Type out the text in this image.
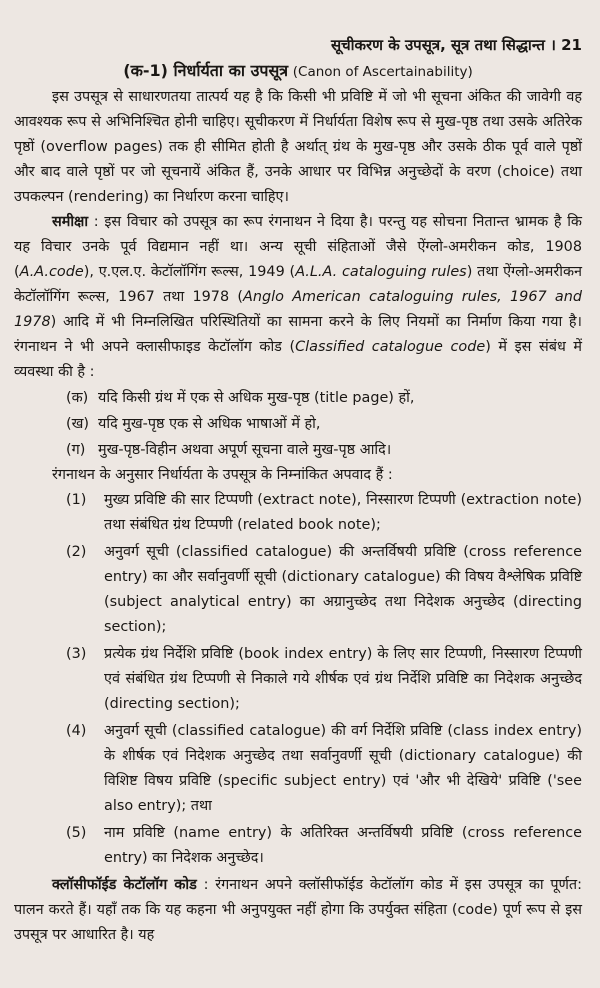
सूचीकरण के उपसूत्र, सूत्र तथा सिद्धान्त । 21
(क-1) निर्धार्यता का उपसूत्र (Canon of Ascertainability)

इस उपसूत्र से साधारणतया तात्पर्य यह है कि किसी भी प्रविष्टि में जो भी सूचना अंकित की जावेगी वह आवश्यक रूप से अभिनिश्चित होनी चाहिए। सूचीकरण में निर्धार्यता विशेष रूप से मुख-पृष्ठ तथा उसके अतिरेक पृष्ठों (overflow pages) तक ही सीमित होती है अर्थात् ग्रंथ के मुख-पृष्ठ और उसके ठीक पूर्व वाले पृष्ठों और बाद वाले पृष्ठों पर जो सूचनायें अंकित हैं, उनके आधार पर विभिन्न अनुच्छेदों के वरण (choice) तथा उपकल्पन (rendering) का निर्धारण करना चाहिए।

समीक्षा : इस विचार को उपसूत्र का रूप रंगनाथन ने दिया है। परन्तु यह सोचना नितान्त भ्रामक है कि यह विचार उनके पूर्व विद्यमान नहीं था। अन्य सूची संहिताओं जैसे ऐंग्लो-अमरीकन कोड, 1908 (A.A.code), ए.एल.ए. केटॉलॉगिंग रूल्स, 1949 (A.L.A. cataloguing rules) तथा ऐंग्लो-अमरीकन केटॉलॉगिंग रूल्स, 1967 तथा 1978 (Anglo American cataloguing rules, 1967 and 1978) आदि में भी निम्नलिखित परिस्थितियों का सामना करने के लिए नियमों का निर्माण किया गया है। रंगनाथन ने भी अपने क्लासीफाइड केटॉलॉग कोड (Classified catalogue code) में इस संबंध में व्यवस्था की है :

(क) यदि किसी ग्रंथ में एक से अधिक मुख-पृष्ठ (title page) हों,
(ख) यदि मुख-पृष्ठ एक से अधिक भाषाओं में हो,
(ग) मुख-पृष्ठ-विहीन अथवा अपूर्ण सूचना वाले मुख-पृष्ठ आदि।

रंगनाथन के अनुसार निर्धार्यता के उपसूत्र के निम्नांकित अपवाद हैं :

(1)	मुख्य प्रविष्टि की सार टिप्पणी (extract note), निस्सारण टिप्पणी (extraction note) तथा संबंधित ग्रंथ टिप्पणी (related book note);
(2)	अनुवर्ग सूची (classified catalogue) की अन्तर्विषयी प्रविष्टि (cross reference entry) का और सर्वानुवर्णी सूची (dictionary catalogue) की विषय वैश्लेषिक प्रविष्टि (subject analytical entry) का अग्रानुच्छेद तथा निदेशक अनुच्छेद (directing section);
(3)	प्रत्येक ग्रंथ निर्देशि प्रविष्टि (book index entry) के लिए सार टिप्पणी, निस्सारण टिप्पणी एवं संबंधित ग्रंथ टिप्पणी से निकाले गये शीर्षक एवं ग्रंथ निर्देशि प्रविष्टि का निदेशक अनुच्छेद (directing section);
(4)	अनुवर्ग सूची (classified catalogue) की वर्ग निर्देशि प्रविष्टि (class index entry) के शीर्षक एवं निदेशक अनुच्छेद तथा सर्वानुवर्णी सूची (dictionary catalogue) की विशिष्ट विषय प्रविष्टि (specific subject entry) एवं 'और भी देखिये' प्रविष्टि ('see also entry); तथा
(5)	नाम प्रविष्टि (name entry) के अतिरिक्त अन्तर्विषयी प्रविष्टि (cross reference entry) का निदेशक अनुच्छेद।

क्लॉसीफॉईड केटॉलॉग कोड : रंगनाथन अपने क्लॉसीफॉईड केटॉलॉग कोड में इस उपसूत्र का पूर्णत: पालन करते हैं। यहाँ तक कि यह कहना भी अनुपयुक्त नहीं होगा कि उपर्युक्त संहिता (code) पूर्ण रूप से इस उपसूत्र पर आधारित है। यह
